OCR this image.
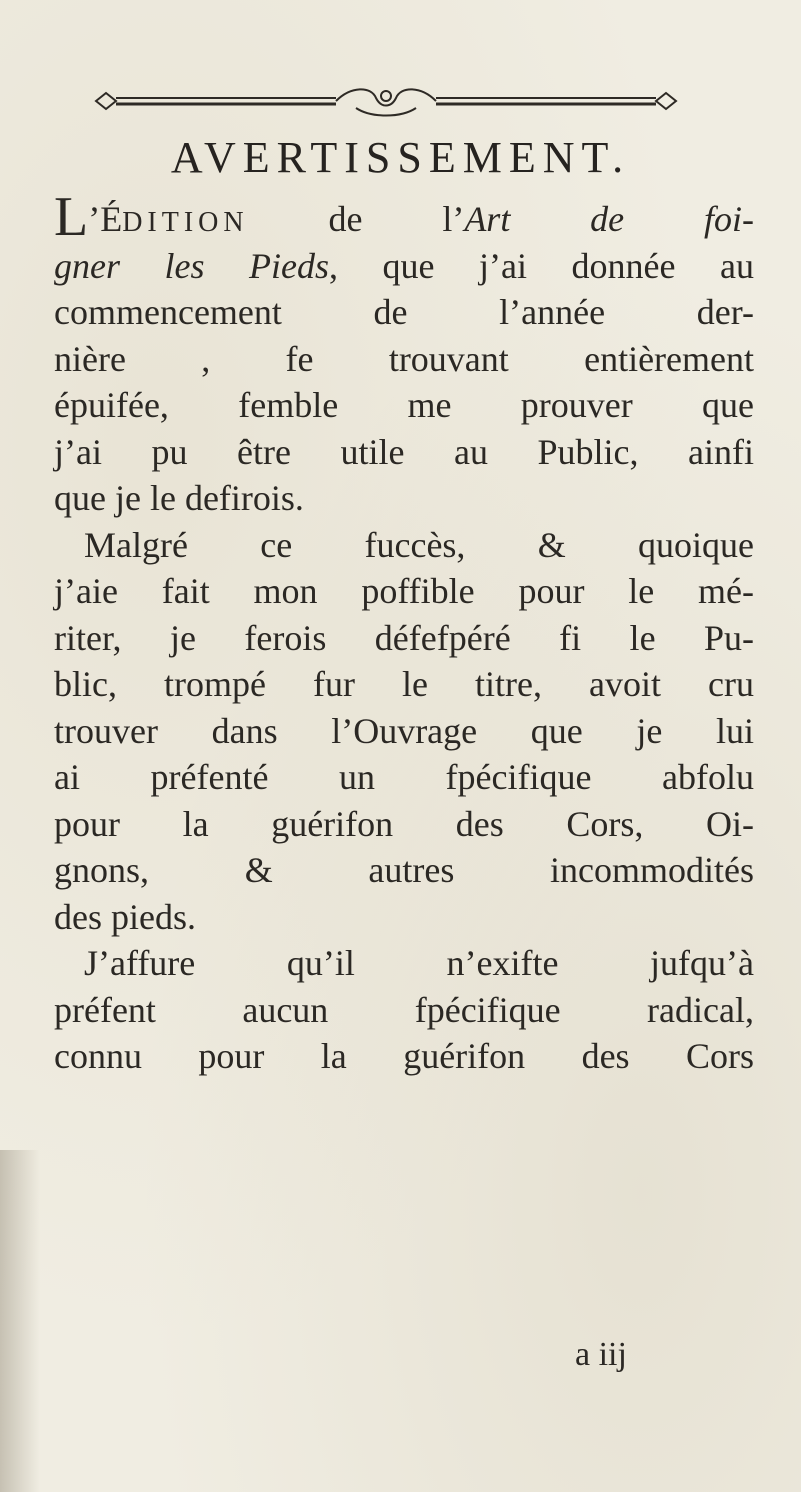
AVERTISSEMENT.
L’ÉDITION de l’Art de foi-
gner les Pieds, que j’ai donnée au
commencement de l’année der-
nière , fe trouvant entièrement
épuifée, femble me prouver que
j’ai pu être utile au Public, ainfi
que je le defirois.
Malgré ce fuccès, & quoique
j’aie fait mon poffible pour le mé-
riter, je ferois défefpéré fi le Pu-
blic, trompé fur le titre, avoit cru
trouver dans l’Ouvrage que je lui
ai préfenté un fpécifique abfolu
pour la guérifon des Cors, Oi-
gnons, & autres incommodités
des pieds.
J’affure qu’il n’exifte jufqu’à
préfent aucun fpécifique radical,
connu pour la guérifon des Cors
a iij
